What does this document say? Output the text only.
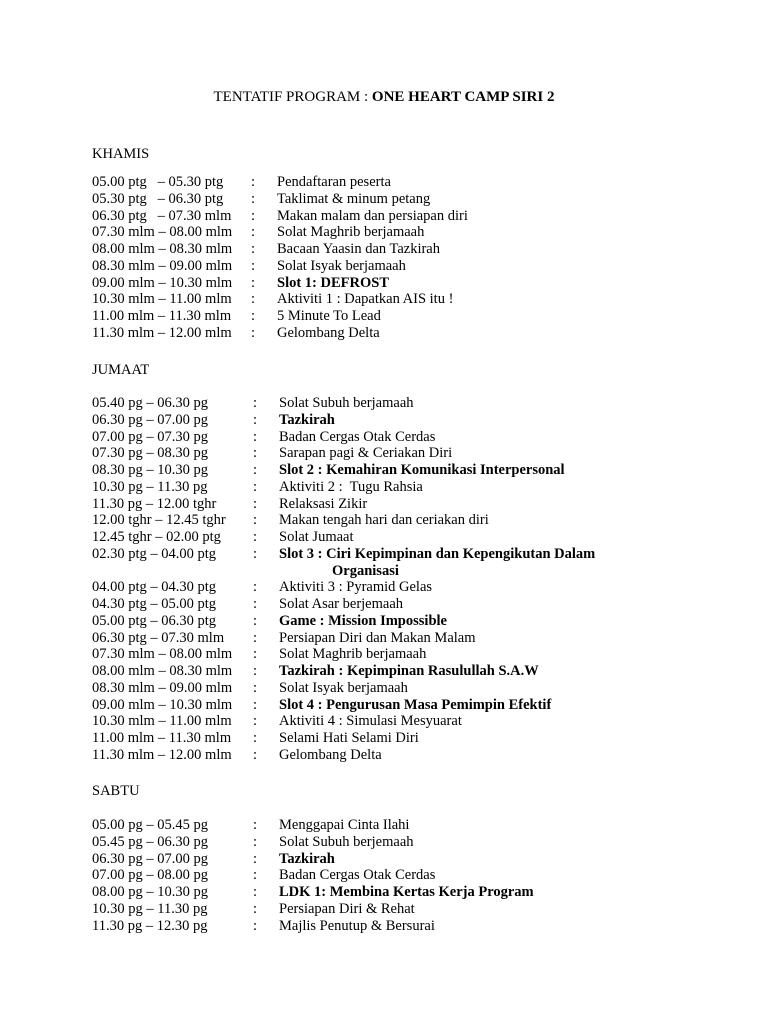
TENTATIF PROGRAM : ONE HEART CAMP SIRI 2
KHAMIS
05.00 ptg   – 05.30 ptg : Pendaftaran peserta
05.30 ptg   – 06.30 ptg : Taklimat & minum petang
06.30 ptg   – 07.30 mlm : Makan malam dan persiapan diri
07.30 mlm – 08.00 mlm : Solat Maghrib berjamaah
08.00 mlm – 08.30 mlm : Bacaan Yaasin dan Tazkirah
08.30 mlm – 09.00 mlm : Solat Isyak berjamaah
09.00 mlm – 10.30 mlm : Slot 1: DEFROST
10.30 mlm – 11.00 mlm : Aktiviti 1 : Dapatkan AIS itu !
11.00 mlm – 11.30 mlm : 5 Minute To Lead
11.30 mlm – 12.00 mlm : Gelombang Delta
JUMAAT
05.40 pg – 06.30 pg	: Solat Subuh berjamaah
06.30 pg – 07.00 pg	: Tazkirah
07.00 pg – 07.30 pg	: Badan Cergas Otak Cerdas
07.30 pg – 08.30 pg	: Sarapan pagi & Ceriakan Diri
08.30 pg – 10.30 pg	: Slot 2 : Kemahiran Komunikasi Interpersonal
10.30 pg – 11.30 pg	: Aktiviti 2 :  Tugu Rahsia
11.30 pg – 12.00 tghr	: Relaksasi Zikir
12.00 tghr – 12.45 tghr : Makan tengah hari dan ceriakan diri
12.45 tghr – 02.00 ptg : Solat Jumaat
02.30 ptg – 04.00 ptg	: Slot 3 : Ciri Kepimpinan dan Kepengikutan Dalam
Organisasi
04.00 ptg – 04.30 ptg	: Aktiviti 3 : Pyramid Gelas
04.30 ptg – 05.00 ptg	: Solat Asar berjemaah
05.00 ptg – 06.30 ptg	: Game : Mission Impossible
06.30 ptg – 07.30 mlm : Persiapan Diri dan Makan Malam
07.30 mlm – 08.00 mlm : Solat Maghrib berjamaah
08.00 mlm – 08.30 mlm : Tazkirah : Kepimpinan Rasulullah S.A.W
08.30 mlm – 09.00 mlm : Solat Isyak berjamaah
09.00 mlm – 10.30 mlm : Slot 4 : Pengurusan Masa Pemimpin Efektif
10.30 mlm – 11.00 mlm : Aktiviti 4 : Simulasi Mesyuarat
11.00 mlm – 11.30 mlm : Selami Hati Selami Diri
11.30 mlm – 12.00 mlm : Gelombang Delta
SABTU
05.00 pg – 05.45 pg	: Menggapai Cinta Ilahi
05.45 pg – 06.30 pg	: Solat Subuh berjemaah
06.30 pg – 07.00 pg	: Tazkirah
07.00 pg – 08.00 pg	: Badan Cergas Otak Cerdas
08.00 pg – 10.30 pg	: LDK 1: Membina Kertas Kerja Program
10.30 pg – 11.30 pg	: Persiapan Diri & Rehat
11.30 pg – 12.30 pg	: Majlis Penutup & Bersurai
